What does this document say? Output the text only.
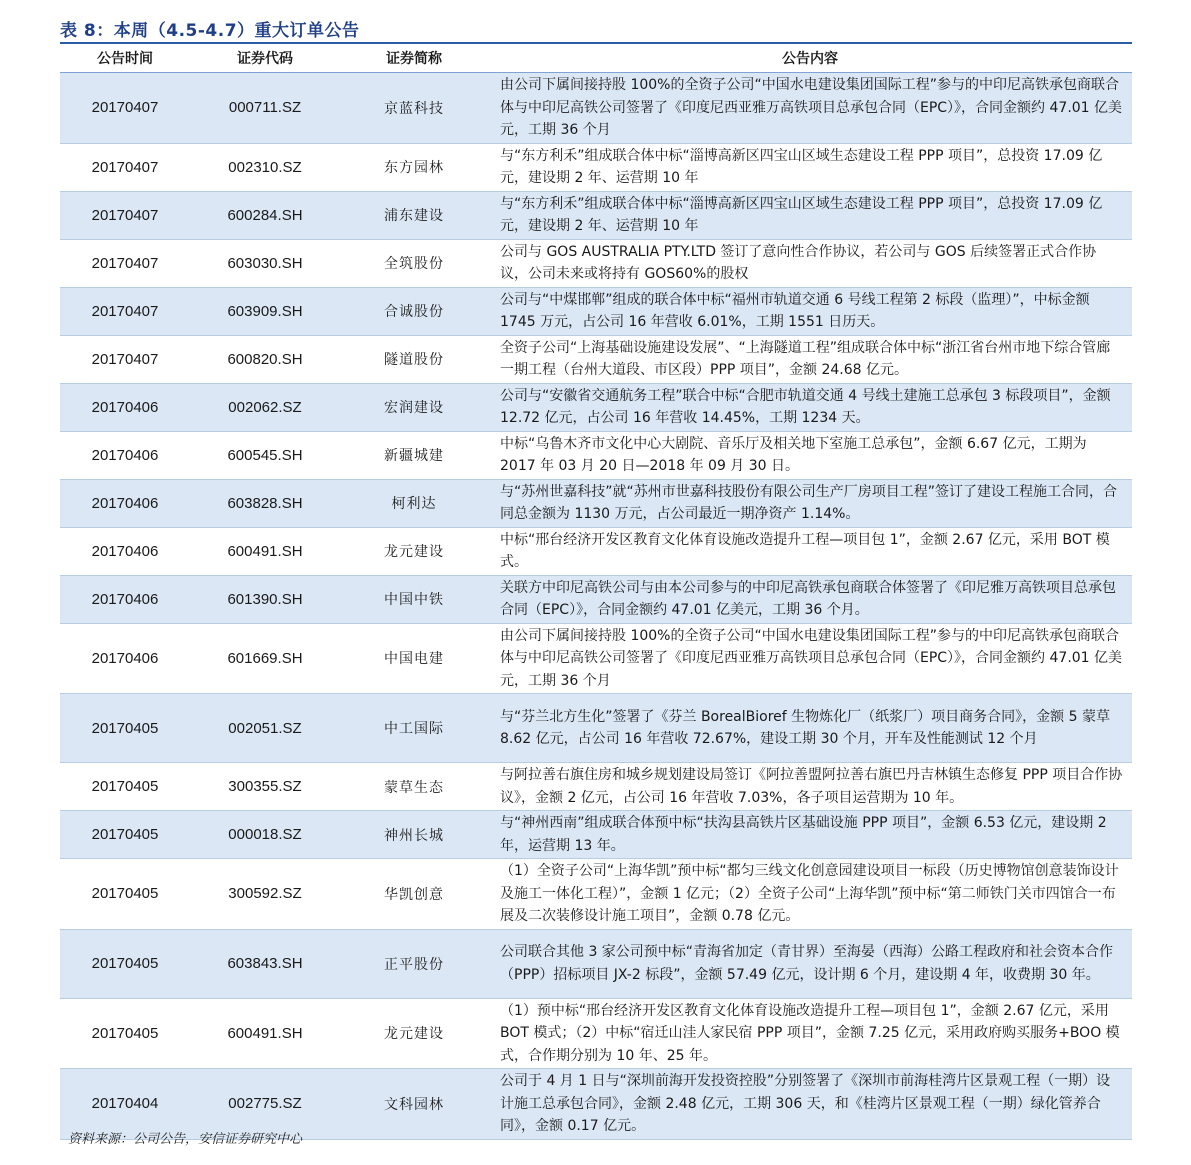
表 8：本周（4.5-4.7）重大订单公告
公告时间	证券代码	证券简称	公告内容
20170407	000711.SZ	京蓝科技	由公司下属间接持股 100%的全资子公司“中国水电建设集团国际工程”参与的中印尼高铁承包商联合体与中印尼高铁公司签署了《印度尼西亚雅万高铁项目总承包合同（EPC）》，合同金额约 47.01 亿美元，工期 36 个月
20170407	002310.SZ	东方园林	与“东方利禾”组成联合体中标“淄博高新区四宝山区域生态建设工程 PPP 项目”，总投资 17.09 亿元，建设期 2 年、运营期 10 年
20170407	600284.SH	浦东建设	与“东方利禾”组成联合体中标“淄博高新区四宝山区域生态建设工程 PPP 项目”，总投资 17.09 亿元，建设期 2 年、运营期 10 年
20170407	603030.SH	全筑股份	公司与 GOS AUSTRALIA PTY.LTD 签订了意向性合作协议，若公司与 GOS 后续签署正式合作协议，公司未来或将持有 GOS60%的股权
20170407	603909.SH	合诚股份	公司与“中煤邯郸”组成的联合体中标“福州市轨道交通 6 号线工程第 2 标段（监理）”，中标金额 1745 万元，占公司 16 年营收 6.01%，工期 1551 日历天。
20170407	600820.SH	隧道股份	全资子公司“上海基础设施建设发展”、“上海隧道工程”组成联合体中标“浙江省台州市地下综合管廊一期工程（台州大道段、市区段）PPP 项目”，金额 24.68 亿元。
20170406	002062.SZ	宏润建设	公司与“安徽省交通航务工程”联合中标“合肥市轨道交通 4 号线土建施工总承包 3 标段项目”，金额 12.72 亿元，占公司 16 年营收 14.45%，工期 1234 天。
20170406	600545.SH	新疆城建	中标“乌鲁木齐市文化中心大剧院、音乐厅及相关地下室施工总承包”，金额 6.67 亿元，工期为 2017 年 03 月 20 日—2018 年 09 月 30 日。
20170406	603828.SH	柯利达	与“苏州世嘉科技”就“苏州市世嘉科技股份有限公司生产厂房项目工程”签订了建设工程施工合同，合同总金额为 1130 万元，占公司最近一期净资产 1.14%。
20170406	600491.SH	龙元建设	中标“邢台经济开发区教育文化体育设施改造提升工程—项目包 1”，金额 2.67 亿元，采用 BOT 模式。
20170406	601390.SH	中国中铁	关联方中印尼高铁公司与由本公司参与的中印尼高铁承包商联合体签署了《印尼雅万高铁项目总承包合同（EPC）》，合同金额约 47.01 亿美元，工期 36 个月。
20170406	601669.SH	中国电建	由公司下属间接持股 100%的全资子公司“中国水电建设集团国际工程”参与的中印尼高铁承包商联合体与中印尼高铁公司签署了《印度尼西亚雅万高铁项目总承包合同（EPC）》，合同金额约 47.01 亿美元，工期 36 个月
20170405	002051.SZ	中工国际	与“芬兰北方生化”签署了《芬兰 BorealBioref 生物炼化厂（纸浆厂）项目商务合同》，金额 5 蒙草 8.62 亿元，占公司 16 年营收 72.67%，建设工期 30 个月，开车及性能测试 12 个月
20170405	300355.SZ	蒙草生态	与阿拉善右旗住房和城乡规划建设局签订《阿拉善盟阿拉善右旗巴丹吉林镇生态修复 PPP 项目合作协议》，金额 2 亿元，占公司 16 年营收 7.03%，各子项目运营期为 10 年。
20170405	000018.SZ	神州长城	与“神州西南”组成联合体预中标“扶沟县高铁片区基础设施 PPP 项目”，金额 6.53 亿元，建设期 2 年，运营期 13 年。
20170405	300592.SZ	华凯创意	（1）全资子公司“上海华凯”预中标“都匀三线文化创意园建设项目一标段（历史博物馆创意装饰设计及施工一体化工程）”，金额 1 亿元；（2）全资子公司“上海华凯”预中标“第二师铁门关市四馆合一布展及二次装修设计施工项目”，金额 0.78 亿元。
20170405	603843.SH	正平股份	公司联合其他 3 家公司预中标“青海省加定（青甘界）至海晏（西海）公路工程政府和社会资本合作（PPP）招标项目 JX-2 标段”，金额 57.49 亿元，设计期 6 个月，建设期 4 年，收费期 30 年。
20170405	600491.SH	龙元建设	（1）预中标“邢台经济开发区教育文化体育设施改造提升工程—项目包 1”，金额 2.67 亿元，采用 BOT 模式；（2）中标“宿迁山洼人家民宿 PPP 项目”，金额 7.25 亿元，采用政府购买服务+BOO 模式，合作期分别为 10 年、25 年。
20170404	002775.SZ	文科园林	公司于 4 月 1 日与“深圳前海开发投资控股”分别签署了《深圳市前海桂湾片区景观工程（一期）设计施工总承包合同》，金额 2.48 亿元，工期 306 天，和《桂湾片区景观工程（一期）绿化管养合同》，金额 0.17 亿元。
资料来源：公司公告，安信证券研究中心
